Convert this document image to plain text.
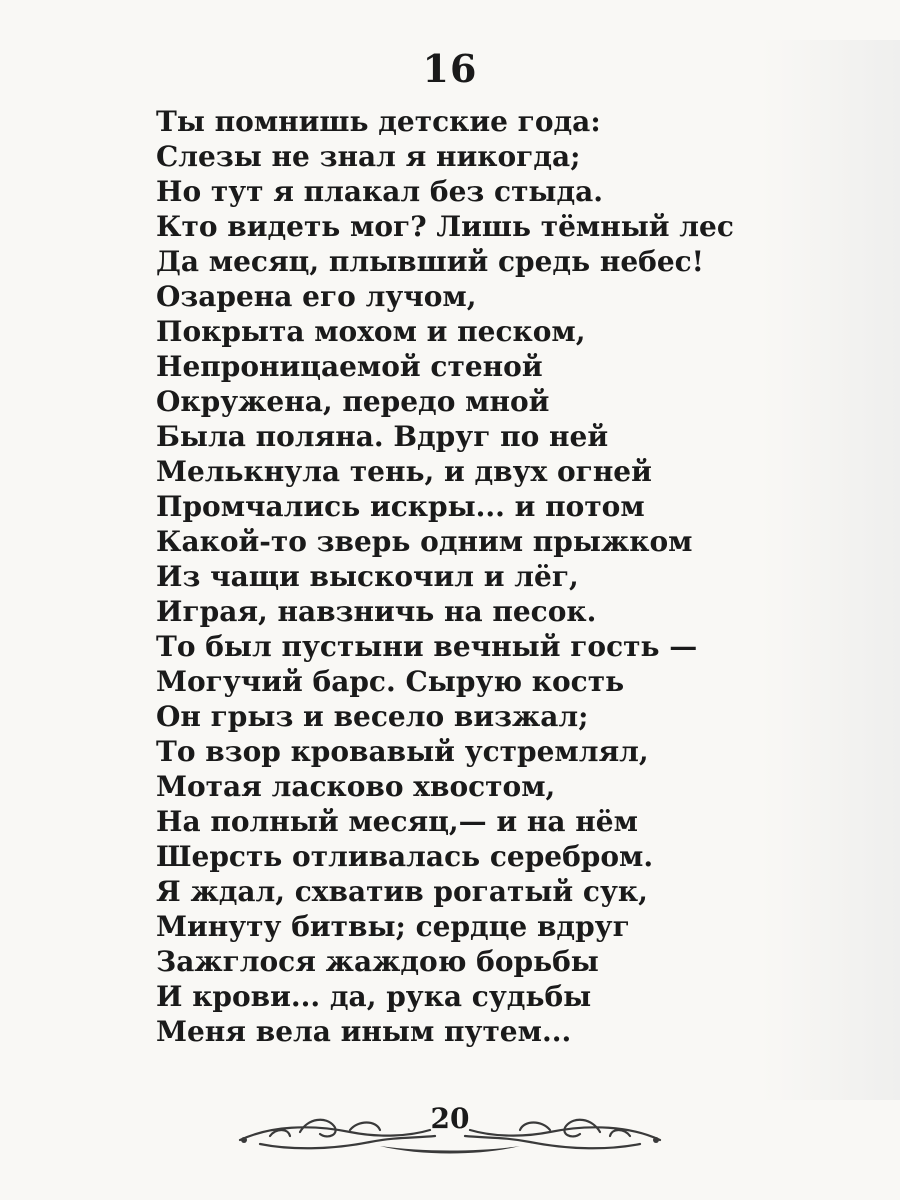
16
Ты помнишь детские года:
Слезы не знал я никогда;
Но тут я плакал без стыда.
Кто видеть мог? Лишь тёмный лес
Да месяц, плывший средь небес!
Озарена его лучом,
Покрыта мохом и песком,
Непроницаемой стеной
Окружена, передо мной
Была поляна. Вдруг по ней
Мелькнула тень, и двух огней
Промчались искры... и потом
Какой-то зверь одним прыжком
Из чащи выскочил и лёг,
Играя, навзничь на песок.
То был пустыни вечный гость —
Могучий барс. Сырую кость
Он грыз и весело визжал;
То взор кровавый устремлял,
Мотая ласково хвостом,
На полный месяц,— и на нём
Шерсть отливалась серебром.
Я ждал, схватив рогатый сук,
Минуту битвы; сердце вдруг
Зажглося жаждою борьбы
И крови... да, рука судьбы
Меня вела иным путем...
20
